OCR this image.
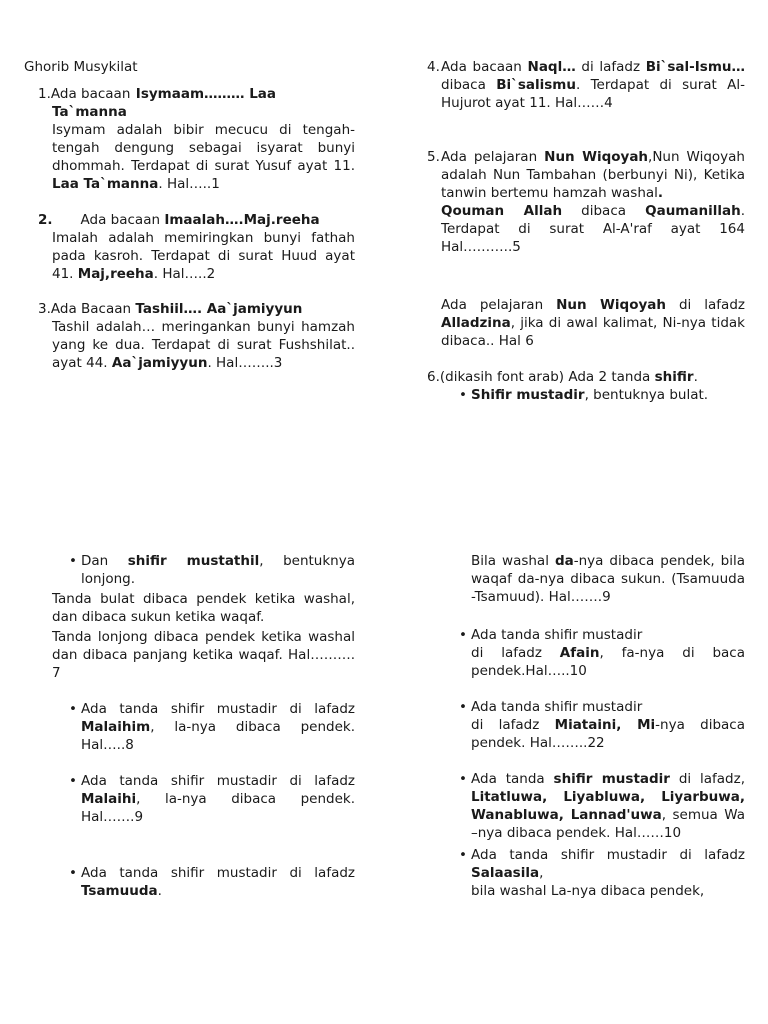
Ghorib Musykilat
1.Ada bacaan Isymaam……… Laa Ta`manna
Isymam adalah bibir mecucu di tengah-tengah dengung sebagai isyarat bunyi dhommah. Terdapat di surat Yusuf ayat 11. Laa Ta`manna. Hal…..1
2. Ada bacaan Imaalah….Maj.reeha
Imalah adalah memiringkan bunyi fathah pada kasroh. Terdapat di surat Huud ayat 41. Maj,reeha. Hal…..2
3.Ada Bacaan Tashiil…. Aa`jamiyyun
Tashil adalah… meringankan bunyi hamzah yang ke dua. Terdapat di surat Fushshilat.. ayat 44. Aa`jamiyyun. Hal……..3
4. Ada bacaan Naql… di lafadz Bi`sal-Ismu… dibaca Bi`salismu. Terdapat di surat Al-Hujurot ayat 11. Hal……4
5. Ada pelajaran Nun Wiqoyah,Nun Wiqoyah adalah Nun Tambahan (berbunyi Ni), Ketika tanwin bertemu hamzah washal.
Qouman Allah dibaca Qaumanillah. Terdapat di surat Al-A'raf ayat 164 Hal………..5
Ada pelajaran Nun Wiqoyah di lafadz Alladzina, jika di awal kalimat, Ni-nya tidak dibaca.. Hal 6
6.(dikasih font arab) Ada 2 tanda shifir.
• Shifir mustadir, bentuknya bulat.
• Dan shifir mustathil, bentuknya lonjong.
Tanda bulat dibaca pendek ketika washal, dan dibaca sukun ketika waqaf.
Tanda lonjong dibaca pendek ketika washal dan dibaca panjang ketika waqaf. Hal………. 7
• Ada tanda shifir mustadir di lafadz Malaihim, la-nya dibaca pendek. Hal…..8
• Ada tanda shifir mustadir di lafadz Malaihi, la-nya dibaca pendek. Hal…….9
• Ada tanda shifir mustadir di lafadz Tsamuuda.
Bila washal da-nya dibaca pendek, bila waqaf da-nya dibaca sukun. (Tsamuuda -Tsamuud). Hal…….9
• Ada tanda shifir mustadir
di lafadz Afain, fa-nya di baca pendek.Hal…..10
• Ada tanda shifir mustadir
di lafadz Miataini, Mi-nya dibaca pendek. Hal……..22
• Ada tanda shifir mustadir di lafadz, Litatluwa, Liyabluwa, Liyarbuwa, Wanabluwa, Lannad'uwa, semua Wa –nya dibaca pendek. Hal……10
• Ada tanda shifir mustadir di lafadz Salaasila,
bila washal La-nya dibaca pendek,
